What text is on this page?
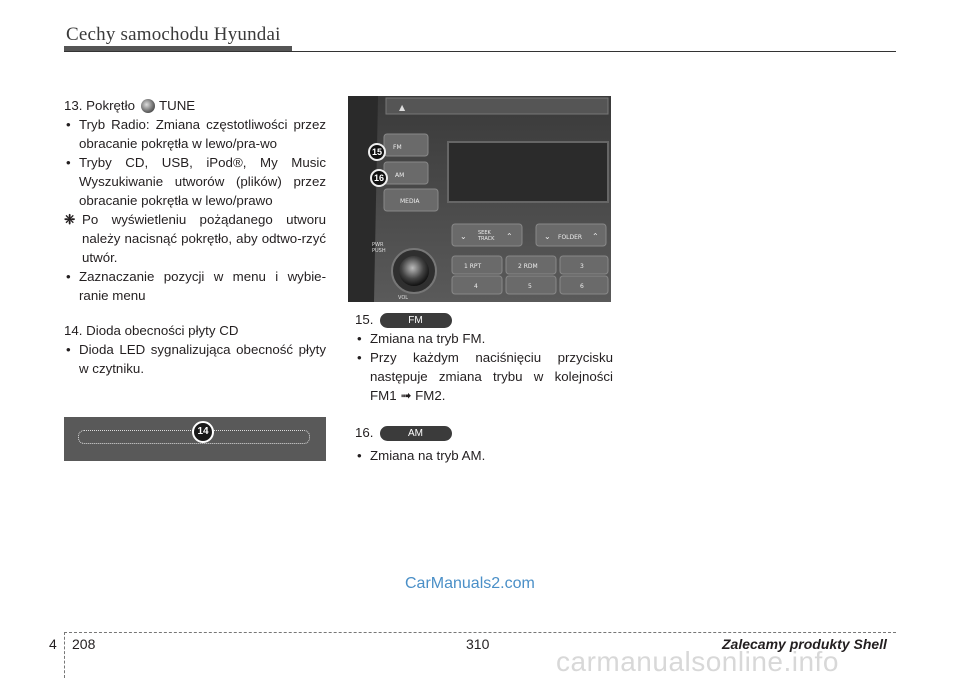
Cechy samochodu Hyundai
13. Pokrętło TUNE
• Tryb Radio: Zmiana częstotliwości przez obracanie pokrętła w lewo/pra-wo
• Tryby CD, USB, iPod®, My Music Wyszukiwanie utworów (plików) przez obracanie pokrętła w lewo/prawo
❈ Po wyświetleniu pożądanego utworu należy nacisnąć pokrętło, aby odtwo-rzyć utwór.
• Zaznaczanie pozycji w menu i wybie-ranie menu
14. Dioda obecności płyty CD
• Dioda LED sygnalizująca obecność płyty w czytniku.
14
▲
FM
AM
MEDIA
⌄	⌃
SEEK
TRACK	⌄	⌃
FOLDER
1 RPT	2 RDM	3
4	5	6
PWR
PUSH
VOL
15
16
15.	FM
• Zmiana na tryb FM.
• Przy każdym naciśnięciu przycisku następuje zmiana trybu w kolejności FM1 ➟ FM2.
16.	AM
• Zmiana na tryb AM.
CarManuals2.com
4 208	310	Zalecamy produkty Shell
carmanualsonline.info
